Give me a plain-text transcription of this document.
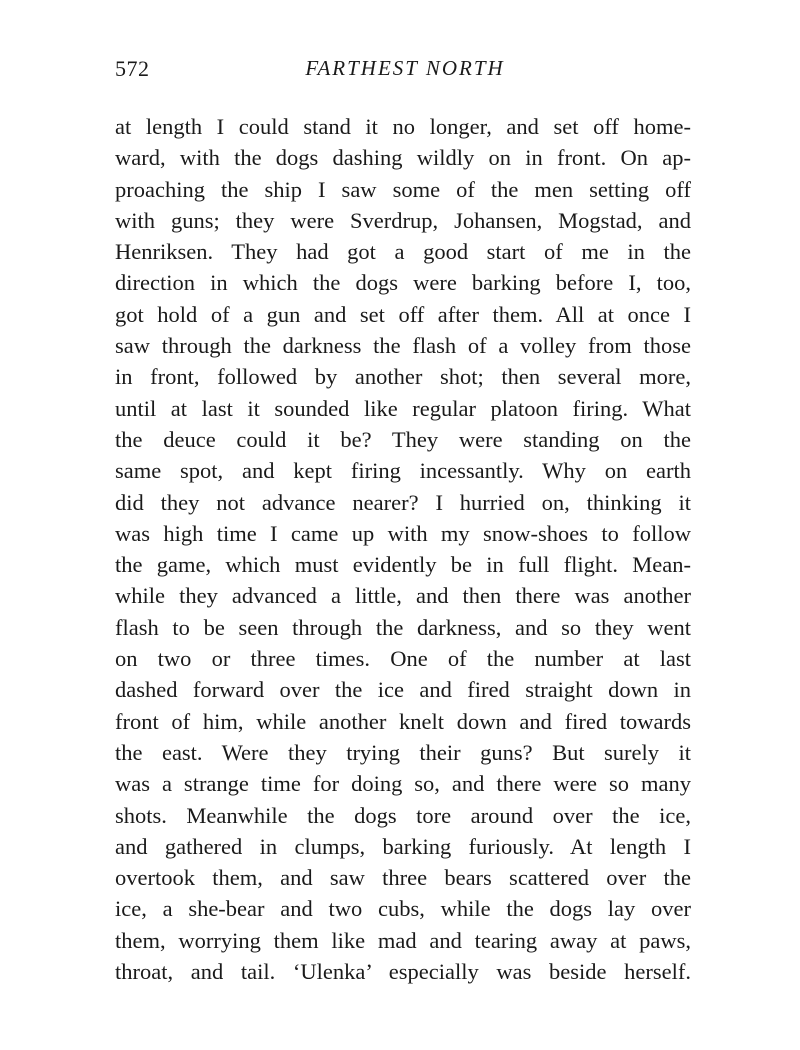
572	FARTHEST NORTH
at length I could stand it no longer, and set off home-
ward, with the dogs dashing wildly on in front. On ap-
proaching the ship I saw some of the men setting off
with guns; they were Sverdrup, Johansen, Mogstad, and
Henriksen. They had got a good start of me in the
direction in which the dogs were barking before I, too,
got hold of a gun and set off after them. All at once I
saw through the darkness the flash of a volley from those
in front, followed by another shot; then several more,
until at last it sounded like regular platoon firing. What
the deuce could it be? They were standing on the
same spot, and kept firing incessantly. Why on earth
did they not advance nearer? I hurried on, thinking it
was high time I came up with my snow-shoes to follow
the game, which must evidently be in full flight. Mean-
while they advanced a little, and then there was another
flash to be seen through the darkness, and so they went
on two or three times. One of the number at last
dashed forward over the ice and fired straight down in
front of him, while another knelt down and fired towards
the east. Were they trying their guns? But surely it
was a strange time for doing so, and there were so many
shots. Meanwhile the dogs tore around over the ice,
and gathered in clumps, barking furiously. At length I
overtook them, and saw three bears scattered over the
ice, a she-bear and two cubs, while the dogs lay over
them, worrying them like mad and tearing away at paws,
throat, and tail. ‘Ulenka’ especially was beside herself.
